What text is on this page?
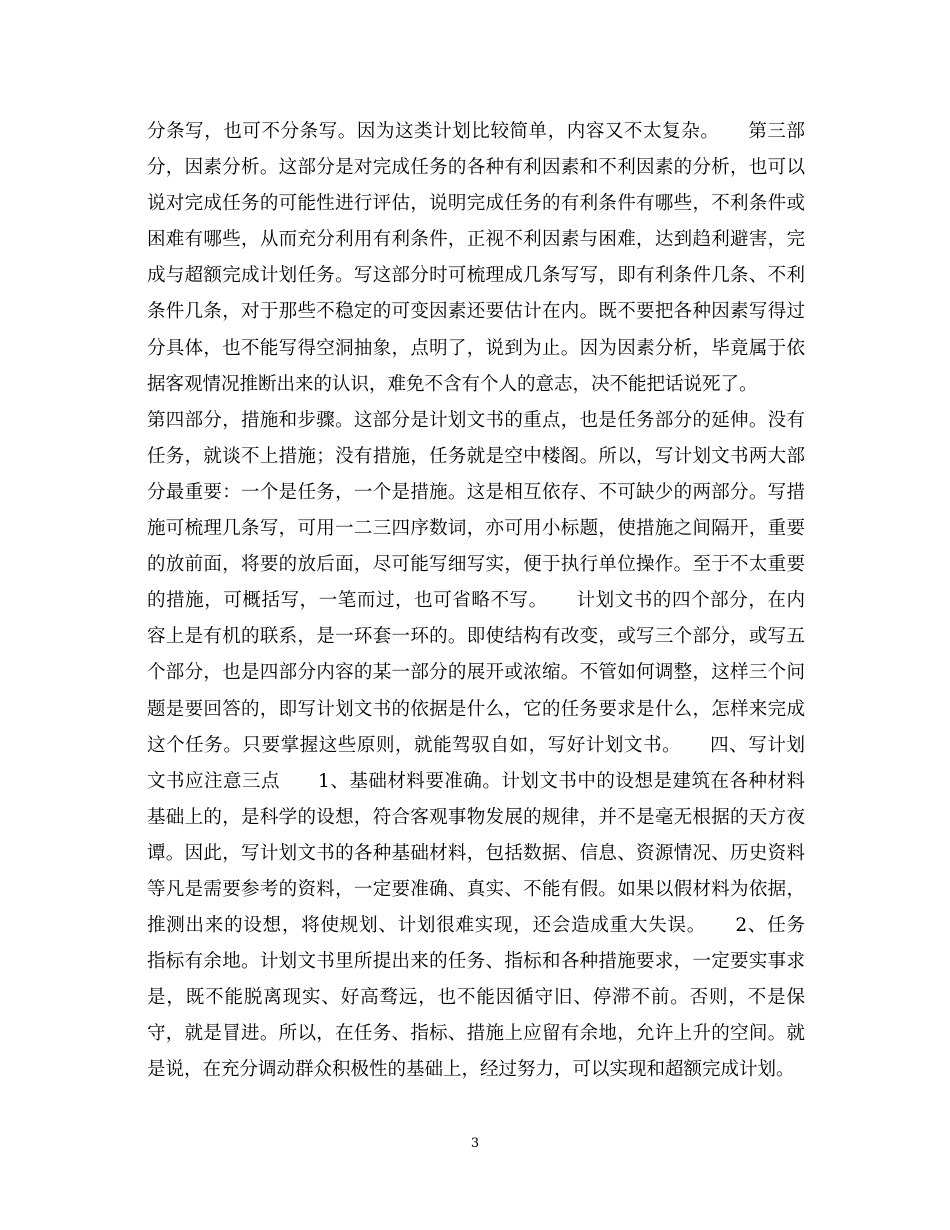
分条写，也可不分条写。因为这类计划比较简单，内容又不太复杂。　　第三部
分，因素分析。这部分是对完成任务的各种有利因素和不利因素的分析，也可以
说对完成任务的可能性进行评估，说明完成任务的有利条件有哪些，不利条件或
困难有哪些，从而充分利用有利条件，正视不利因素与困难，达到趋利避害，完
成与超额完成计划任务。写这部分时可梳理成几条写写，即有利条件几条、不利
条件几条，对于那些不稳定的可变因素还要估计在内。既不要把各种因素写得过
分具体，也不能写得空洞抽象，点明了，说到为止。因为因素分析，毕竟属于依
据客观情况推断出来的认识，难免不含有个人的意志，决不能把话说死了。
第四部分，措施和步骤。这部分是计划文书的重点，也是任务部分的延伸。没有
任务，就谈不上措施；没有措施，任务就是空中楼阁。所以，写计划文书两大部
分最重要：一个是任务，一个是措施。这是相互依存、不可缺少的两部分。写措
施可梳理几条写，可用一二三四序数词，亦可用小标题，使措施之间隔开，重要
的放前面，将要的放后面，尽可能写细写实，便于执行单位操作。至于不太重要
的措施，可概括写，一笔而过，也可省略不写。　　计划文书的四个部分，在内
容上是有机的联系，是一环套一环的。即使结构有改变，或写三个部分，或写五
个部分，也是四部分内容的某一部分的展开或浓缩。不管如何调整，这样三个问
题是要回答的，即写计划文书的依据是什么，它的任务要求是什么，怎样来完成
这个任务。只要掌握这些原则，就能驾驭自如，写好计划文书。　　四、写计划
文书应注意三点　　1、基础材料要准确。计划文书中的设想是建筑在各种材料
基础上的，是科学的设想，符合客观事物发展的规律，并不是毫无根据的天方夜
谭。因此，写计划文书的各种基础材料，包括数据、信息、资源情况、历史资料
等凡是需要参考的资料，一定要准确、真实、不能有假。如果以假材料为依据，
推测出来的设想，将使规划、计划很难实现，还会造成重大失误。　　2、任务
指标有余地。计划文书里所提出来的任务、指标和各种措施要求，一定要实事求
是，既不能脱离现实、好高骛远，也不能因循守旧、停滞不前。否则，不是保
守，就是冒进。所以，在任务、指标、措施上应留有余地，允许上升的空间。就
是说，在充分调动群众积极性的基础上，经过努力，可以实现和超额完成计划。
3
